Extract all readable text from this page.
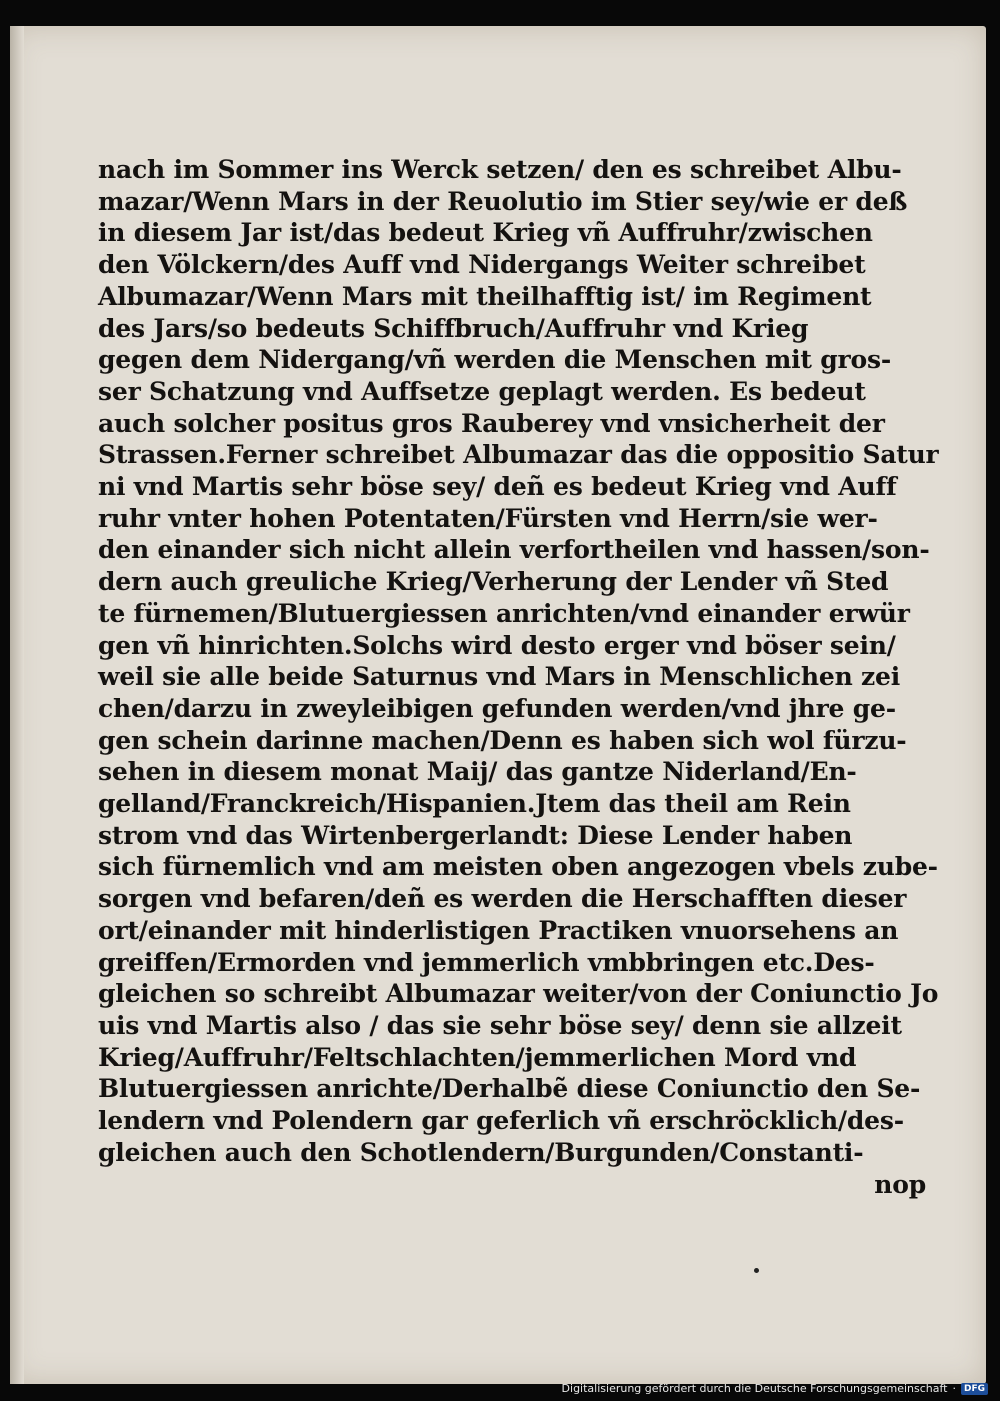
nach im Sommer ins Werck setzen/ den es schreibet Albu-
mazar/Wenn Mars in der Reuolutio im Stier sey/wie er deß
in diesem Jar ist/das bedeut Krieg vñ Auffruhr/zwischen
den Völckern/des Auff vnd Nidergangs Weiter schreibet
Albumazar/Wenn Mars mit theilhafftig ist/ im Regiment
des Jars/so bedeuts Schiffbruch/Auffruhr vnd Krieg
gegen dem Nidergang/vñ werden die Menschen mit gros-
ser Schatzung vnd Auffsetze geplagt werden. Es bedeut
auch solcher positus gros Rauberey vnd vnsicherheit der
Strassen.Ferner schreibet Albumazar das die oppositio Satur
ni vnd Martis sehr böse sey/ deñ es bedeut Krieg vnd Auff
ruhr vnter hohen Potentaten/Fürsten vnd Herrn/sie wer-
den einander sich nicht allein verfortheilen vnd hassen/son-
dern auch greuliche Krieg/Verherung der Lender vñ Sted
te fürnemen/Blutuergiessen anrichten/vnd einander erwür
gen vñ hinrichten.Solchs wird desto erger vnd böser sein/
weil sie alle beide Saturnus vnd Mars in Menschlichen zei
chen/darzu in zweyleibigen gefunden werden/vnd jhre ge-
gen schein darinne machen/Denn es haben sich wol fürzu-
sehen in diesem monat Maij/ das gantze Niderland/En-
gelland/Franckreich/Hispanien.Jtem das theil am Rein
strom vnd das Wirtenbergerlandt: Diese Lender haben
sich fürnemlich vnd am meisten oben angezogen vbels zube-
sorgen vnd befaren/deñ es werden die Herschafften dieser
ort/einander mit hinderlistigen Practiken vnuorsehens an
greiffen/Ermorden vnd jemmerlich vmbbringen etc.Des-
gleichen so schreibt Albumazar weiter/von der Coniunctio Jo
uis vnd Martis also / das sie sehr böse sey/ denn sie allzeit
Krieg/Auffruhr/Feltschlachten/jemmerlichen Mord vnd
Blutuergiessen anrichte/Derhalbẽ diese Coniunctio den Se-
lendern vnd Polendern gar geferlich vñ erschröcklich/des-
gleichen auch den Schotlendern/Burgunden/Constanti-
nop
Digitalisierung gefördert durch die Deutsche Forschungsgemeinschaft · DFG
